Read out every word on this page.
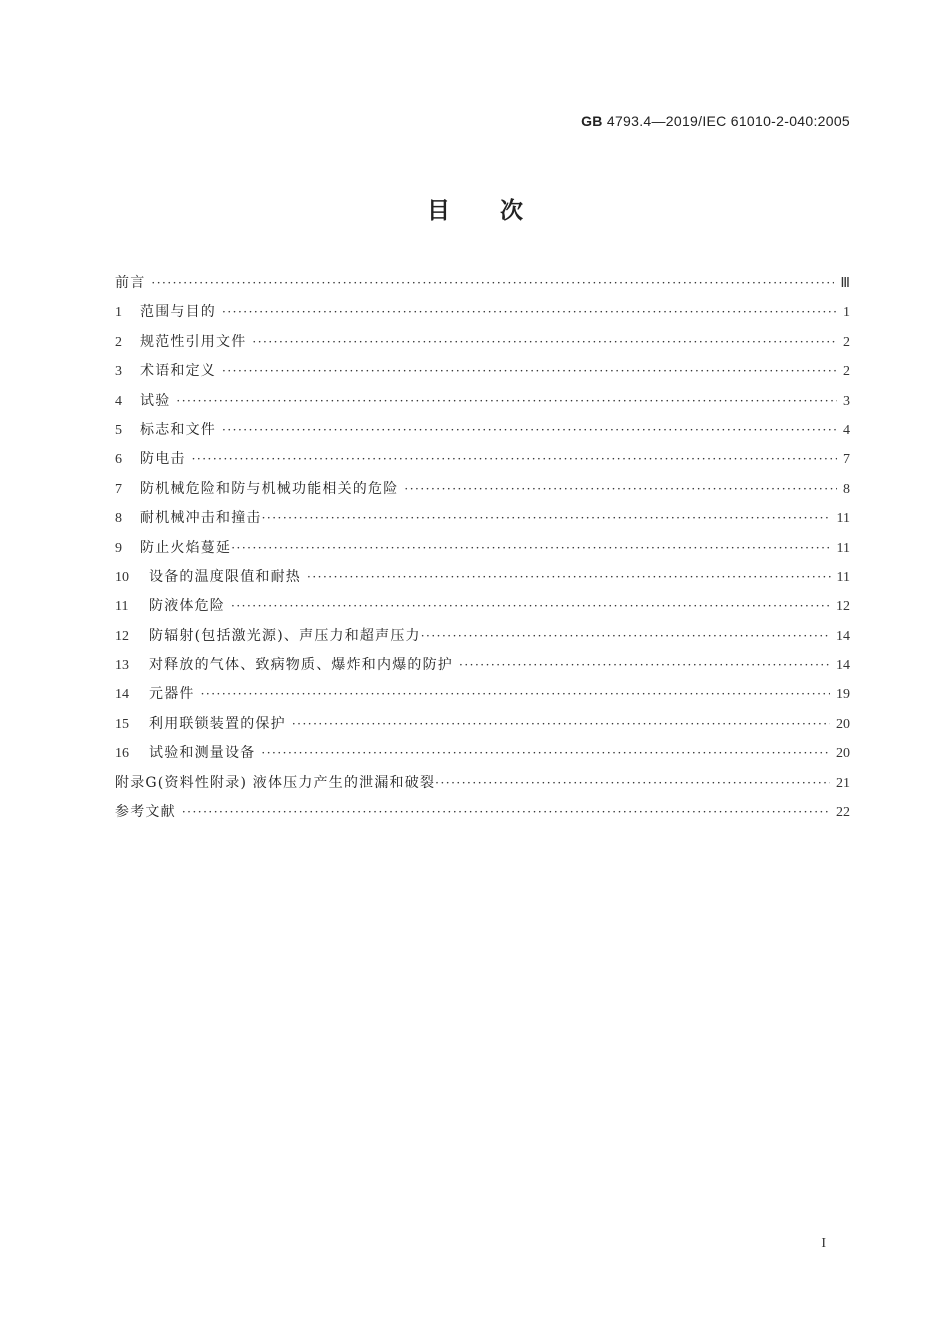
GB 4793.4—2019/IEC 61010-2-040:2005
目次
前言 ·····	Ⅲ
1	范围与目的 ·····	1
2	规范性引用文件 ·····	2
3	术语和定义 ·····	2
4	试验 ·····	3
5	标志和文件 ·····	4
6	防电击 ·····	7
7	防机械危险和防与机械功能相关的危险 ·····	8
8	耐机械冲击和撞击 ·····	11
9	防止火焰蔓延 ·····	11
10	设备的温度限值和耐热 ·····	11
11	防液体危险 ·····	12
12	防辐射(包括激光源)、声压力和超声压力 ·····	14
13	对释放的气体、致病物质、爆炸和内爆的防护 ·····	14
14	元器件 ·····	19
15	利用联锁装置的保护 ·····	20
16	试验和测量设备 ·····	20
附录G(资料性附录) 液体压力产生的泄漏和破裂 ·····	21
参考文献 ·····	22
I
